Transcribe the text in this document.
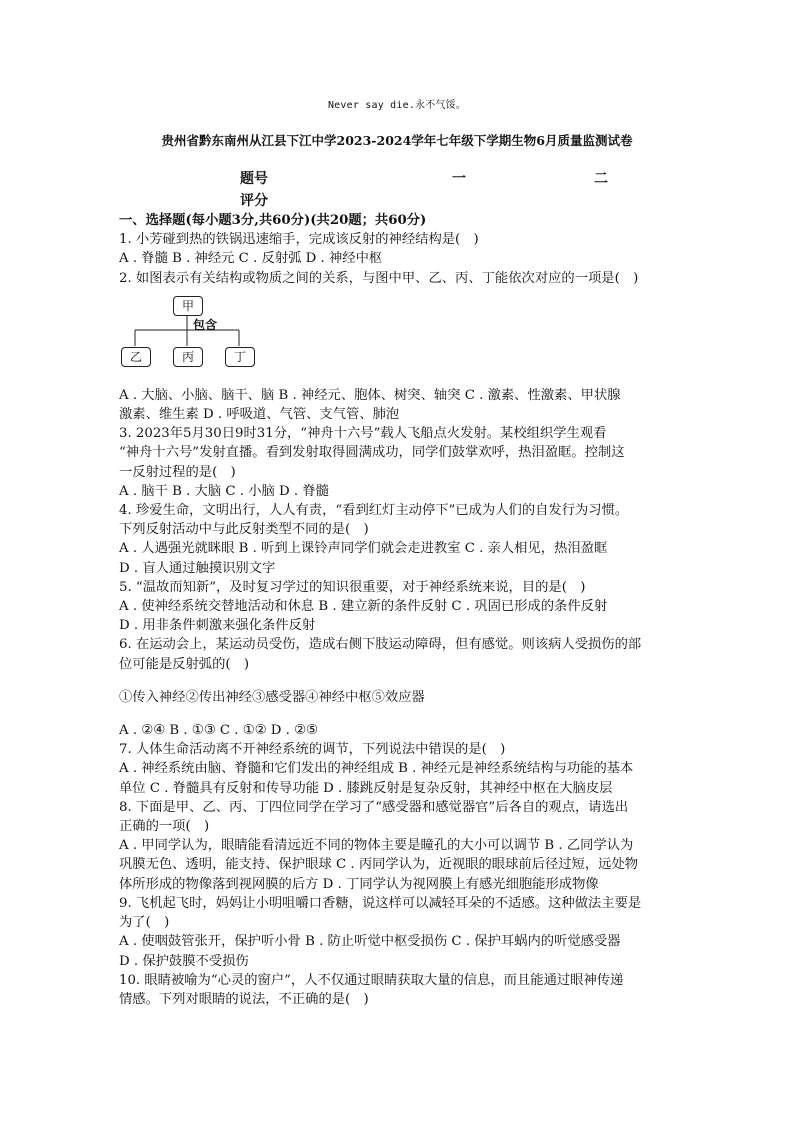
Never say die.永不气馁。
贵州省黔东南州从江县下江中学2023-2024学年七年级下学期生物6月质量监测试卷
题号	一	二
评分
一、选择题(每小题3分,共60分)(共20题；共60分)
1. 小芳碰到热的铁锅迅速缩手，完成该反射的神经结构是(　)
A . 脊髓 B . 神经元 C . 反射弧 D . 神经中枢
2. 如图表示有关结构或物质之间的关系，与图中甲、乙、丙、丁能依次对应的一项是(　)
甲
包含
乙	丙	丁
A . 大脑、小脑、脑干、脑 B . 神经元、胞体、树突、轴突 C . 激素、性激素、甲状腺
激素、维生素 D . 呼吸道、气管、支气管、肺泡
3. 2023年5月30日9时31分，“神舟十六号”载人飞船点火发射。某校组织学生观看
“神舟十六号”发射直播。看到发射取得圆满成功，同学们鼓掌欢呼，热泪盈眶。控制这
一反射过程的是(　)
A . 脑干 B . 大脑 C . 小脑 D . 脊髓
4. 珍爱生命，文明出行，人人有责，“看到红灯主动停下”已成为人们的自发行为习惯。
下列反射活动中与此反射类型不同的是(　)
A . 人遇强光就眯眼 B . 听到上课铃声同学们就会走进教室 C . 亲人相见，热泪盈眶
D . 盲人通过触摸识别文字
5. “温故而知新”，及时复习学过的知识很重要，对于神经系统来说，目的是(　)
A . 使神经系统交替地活动和休息 B . 建立新的条件反射 C . 巩固已形成的条件反射
D . 用非条件刺激来强化条件反射
6. 在运动会上，某运动员受伤，造成右侧下肢运动障碍，但有感觉。则该病人受损伤的部
位可能是反射弧的(　)
①传入神经②传出神经③感受器④神经中枢⑤效应器
A . ②④ B . ①③ C . ①② D . ②⑤
7. 人体生命活动离不开神经系统的调节，下列说法中错误的是(　)
A . 神经系统由脑、脊髓和它们发出的神经组成 B . 神经元是神经系统结构与功能的基本
单位 C . 脊髓具有反射和传导功能 D . 膝跳反射是复杂反射，其神经中枢在大脑皮层
8. 下面是甲、乙、丙、丁四位同学在学习了“感受器和感觉器官”后各自的观点，请选出
正确的一项(　)
A . 甲同学认为，眼睛能看清远近不同的物体主要是瞳孔的大小可以调节 B . 乙同学认为
巩膜无色、透明，能支持、保护眼球 C . 丙同学认为，近视眼的眼球前后径过短，远处物
体所形成的物像落到视网膜的后方 D . 丁同学认为视网膜上有感光细胞能形成物像
9. 飞机起飞时，妈妈让小明咀嚼口香糖，说这样可以减轻耳朵的不适感。这种做法主要是
为了(　)
A . 使咽鼓管张开，保护听小骨 B . 防止听觉中枢受损伤 C . 保护耳蜗内的听觉感受器
D . 保护鼓膜不受损伤
10. 眼睛被喻为“心灵的窗户”，人不仅通过眼睛获取大量的信息，而且能通过眼神传递
情感。下列对眼睛的说法，不正确的是(　)
